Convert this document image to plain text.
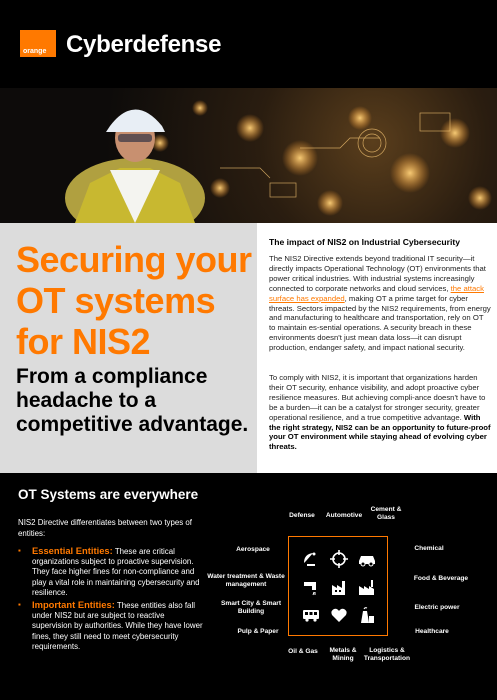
orange Cyberdefense
Securing your
OT systems
for NIS2
From a compliance
headache to a
competitive advantage.
The impact of NIS2 on Industrial Cybersecurity

The NIS2 Directive extends beyond traditional IT security—it directly impacts Operational Technology (OT) environments that power critical industries. With industrial systems increasingly connected to corporate networks and cloud services, the attack surface has expanded, making OT a prime target for cyber threats. Sectors impacted by the NIS2 requirements, from energy and manufacturing to healthcare and transportation, rely on OT to maintain es-sential operations. A security breach in these environments doesn't just mean data loss—it can disrupt production, endanger safety, and impact national security.

To comply with NIS2, it is important that organizations harden their OT security, enhance visibility, and adopt proactive cyber resilience measures. But achieving compli-ance doesn't have to be a burden—it can be a catalyst for stronger security, greater operational resilience, and a true competitive advantage. With the right strategy, NIS2 can be an opportunity to future-proof your OT environment while staying ahead of evolving cyber threats.

OT Systems are everywhere
NIS2 Directive differentiates between two types of entities:
▪ Essential Entities: These are critical organizations subject to proactive supervision. They face higher fines for non-compliance and play a vital role in maintaining cybersecurity and resilience.
▪ Important Entities: These entities also fall under NIS2 but are subject to reactive supervision by authorities. While they have lower fines, they still need to meet cybersecurity requirements.
Defense	Automotive
Cement & Glass
Aerospace	Chemical
Water treatment & Waste management
Food & Beverage
Smart City & Smart Building
Electric power
Pulp & Paper	Healthcare
Oil & Gas	Metals & Mining
Logistics & Transportation
